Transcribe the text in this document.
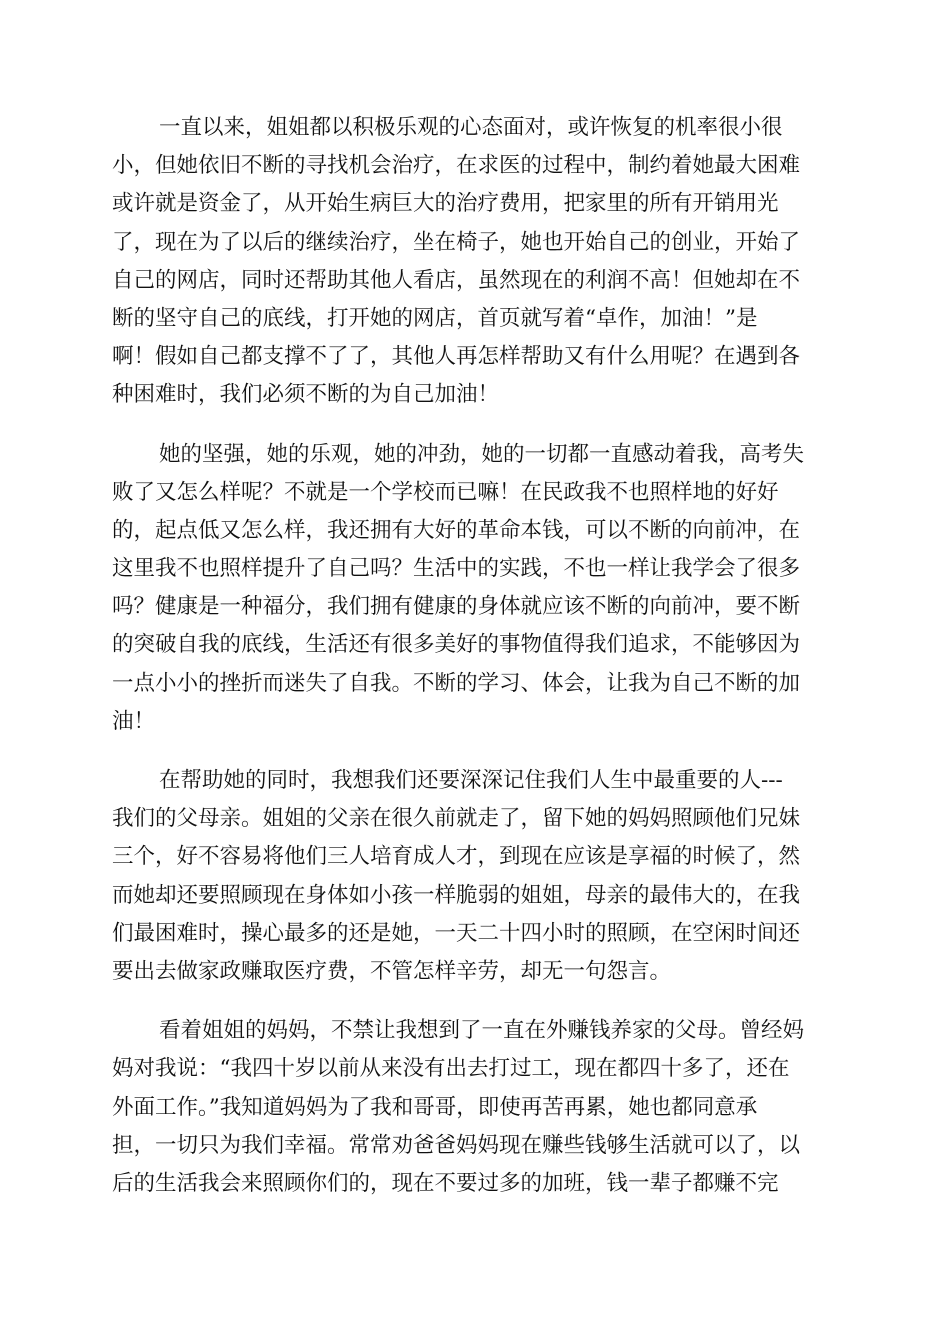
一直以来，姐姐都以积极乐观的心态面对，或许恢复的机率很小很
小，但她依旧不断的寻找机会治疗，在求医的过程中，制约着她最大困难
或许就是资金了，从开始生病巨大的治疗费用，把家里的所有开销用光
了，现在为了以后的继续治疗，坐在椅子，她也开始自己的创业，开始了
自己的网店，同时还帮助其他人看店，虽然现在的利润不高！但她却在不
断的坚守自己的底线，打开她的网店，首页就写着“卓作，加油！”是
啊！假如自己都支撑不了了，其他人再怎样帮助又有什么用呢？在遇到各
种困难时，我们必须不断的为自己加油！
她的坚强，她的乐观，她的冲劲，她的一切都一直感动着我，高考失
败了又怎么样呢？不就是一个学校而已嘛！在民政我不也照样地的好好
的，起点低又怎么样，我还拥有大好的革命本钱，可以不断的向前冲，在
这里我不也照样提升了自己吗？生活中的实践，不也一样让我学会了很多
吗？健康是一种福分，我们拥有健康的身体就应该不断的向前冲，要不断
的突破自我的底线，生活还有很多美好的事物值得我们追求，不能够因为
一点小小的挫折而迷失了自我。不断的学习、体会，让我为自己不断的加
油！
在帮助她的同时，我想我们还要深深记住我们人生中最重要的人---
我们的父母亲。姐姐的父亲在很久前就走了，留下她的妈妈照顾他们兄妹
三个，好不容易将他们三人培育成人才，到现在应该是享福的时候了，然
而她却还要照顾现在身体如小孩一样脆弱的姐姐，母亲的最伟大的，在我
们最困难时，操心最多的还是她，一天二十四小时的照顾，在空闲时间还
要出去做家政赚取医疗费，不管怎样辛劳，却无一句怨言。
看着姐姐的妈妈，不禁让我想到了一直在外赚钱养家的父母。曾经妈
妈对我说：“我四十岁以前从来没有出去打过工，现在都四十多了，还在
外面工作。”我知道妈妈为了我和哥哥，即使再苦再累，她也都同意承
担，一切只为我们幸福。常常劝爸爸妈妈现在赚些钱够生活就可以了，以
后的生活我会来照顾你们的，现在不要过多的加班，钱一辈子都赚不完
